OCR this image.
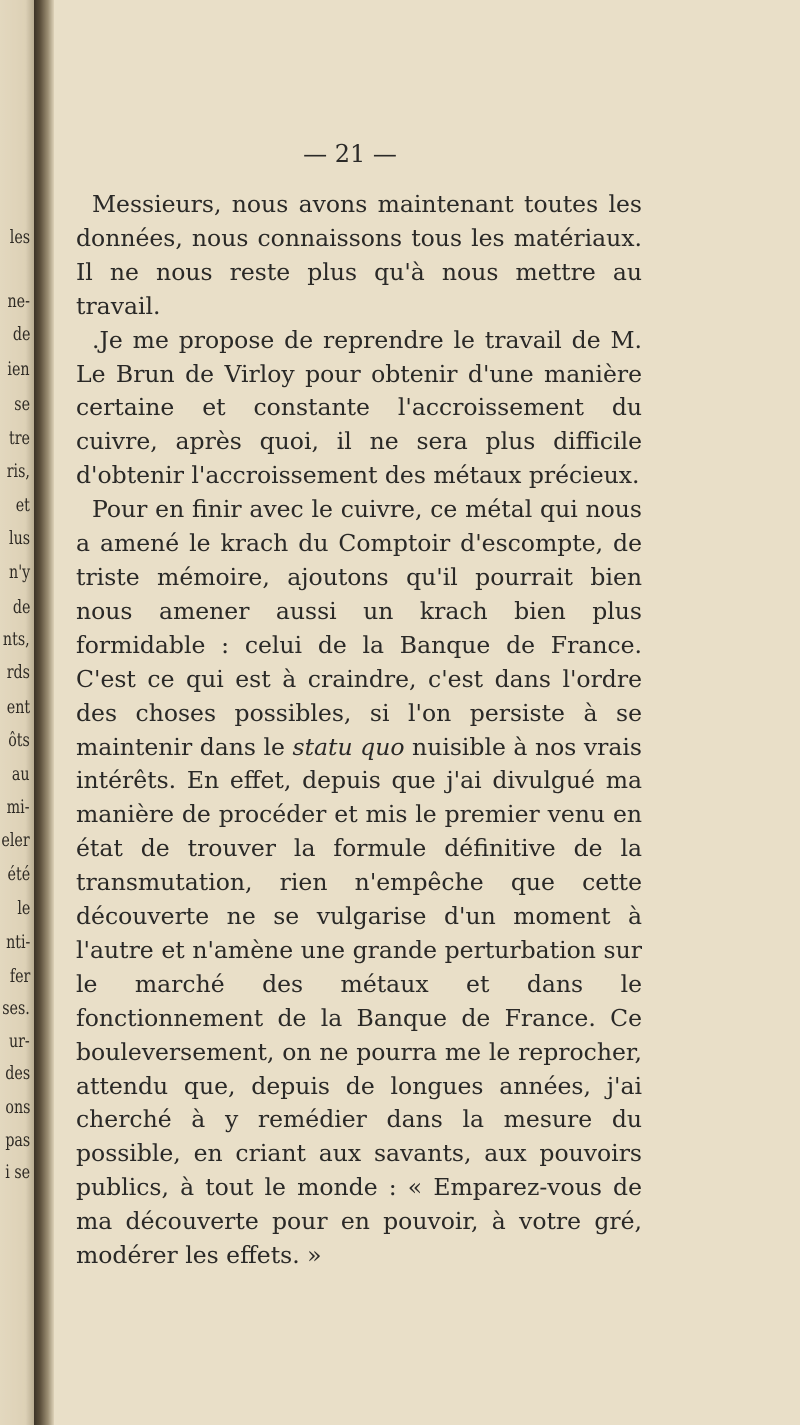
les
ne-
de
ien
se
tre
ris,
et
lus
n'y
de
nts,
rds
ent
ôts
au
mi-
eler
été
le
nti-
fer
ses.
ur-
des
ons
pas
i se
— 21 —

Messieurs, nous avons maintenant toutes les données, nous connaissons tous les matériaux. Il ne nous reste plus qu'à nous mettre au travail.

.Je me propose de reprendre le travail de M. Le Brun de Virloy pour obtenir d'une manière certaine et constante l'accroissement du cuivre, après quoi, il ne sera plus difficile d'obtenir l'accroissement des métaux précieux.

Pour en finir avec le cuivre, ce métal qui nous a amené le krach du Comptoir d'escompte, de triste mémoire, ajoutons qu'il pourrait bien nous amener aussi un krach bien plus formidable : celui de la Banque de France. C'est ce qui est à craindre, c'est dans l'ordre des choses possibles, si l'on persiste à se maintenir dans le statu quo nuisible à nos vrais intérêts. En effet, depuis que j'ai divulgué ma manière de procéder et mis le premier venu en état de trouver la formule définitive de la transmutation, rien n'empêche que cette découverte ne se vulgarise d'un moment à l'autre et n'amène une grande perturbation sur le marché des métaux et dans le fonctionnement de la Banque de France. Ce bouleversement, on ne pourra me le reprocher, attendu que, depuis de longues années, j'ai cherché à y remédier dans la mesure du possible, en criant aux savants, aux pouvoirs publics, à tout le monde : « Emparez-vous de ma découverte pour en pouvoir, à votre gré, modérer les effets. »
